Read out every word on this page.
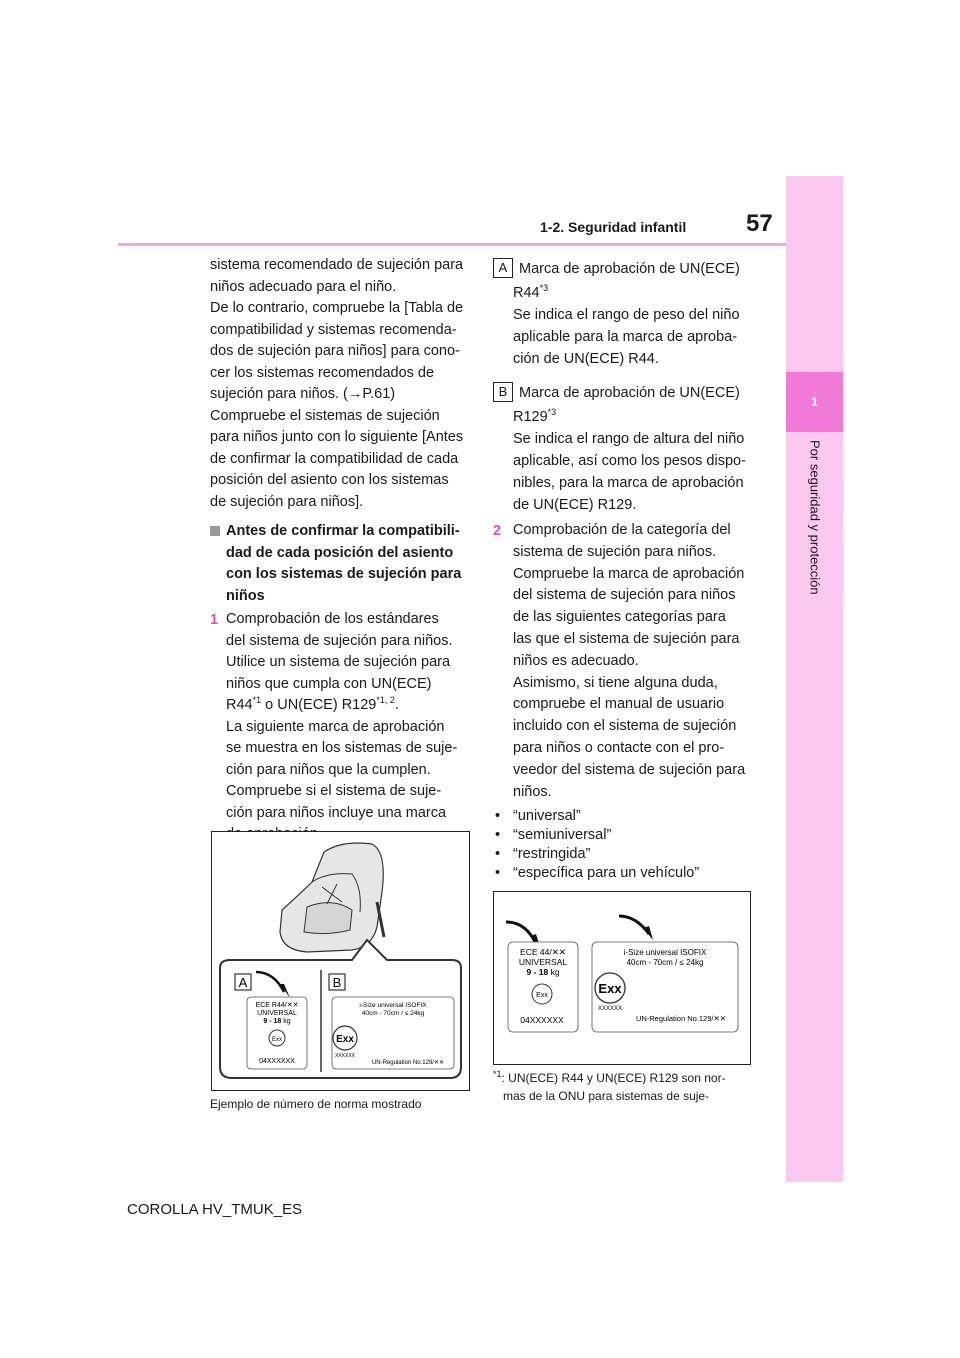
57
1-2. Seguridad infantil
1
Por seguridad y protección

sistema recomendado de sujeción para

niños adecuado para el niño.

De lo contrario, compruebe la [Tabla de

compatibilidad y sistemas recomenda-

dos de sujeción para niños] para cono-

cer los sistemas recomendados de

sujeción para niños. (→P.61)

Compruebe el sistemas de sujeción

para niños junto con lo siguiente [Antes

de confirmar la compatibilidad de cada

posición del asiento con los sistemas

de sujeción para niños].

Antes de confirmar la compatibili- dad de cada posición del asiento con los sistemas de sujeción para niños
1 Comprobación de los estándares

del sistema de sujeción para niños.

Utilice un sistema de sujeción para

niños que cumpla con UN(ECE)

R44$^{*1}$ o UN(ECE) R129$^{*1, 2}$.

La siguiente marca de aprobación

se muestra en los sistemas de suje-

ción para niños que la cumplen.

Compruebe si el sistema de suje-

ción para niños incluye una marca

A	B
ECE R44/✕✕
UNIVERSAL
9 - 18 kg
Exx
04XXXXXX
i-Size universal ISOFIX
40cm - 70cm / ≤ 24kg
Exx
XXXXXX
UN-Regulation No.129/✕✕
Ejemplo de número de norma mostrado
A Marca de aprobación de UN(ECE)

R44$^{*3}$

Se indica el rango de peso del niño

aplicable para la marca de aproba-

ción de UN(ECE) R44.

B Marca de aprobación de UN(ECE)

R129$^{*3}$

Se indica el rango de altura del niño

aplicable, así como los pesos dispo-

nibles, para la marca de aprobación

de UN(ECE) R129.

2 Comprobación de la categoría del

sistema de sujeción para niños.

Compruebe la marca de aprobación

del sistema de sujeción para niños

de las siguientes categorías para

las que el sistema de sujeción para

niños es adecuado.

Asimismo, si tiene alguna duda,

compruebe el manual de usuario

incluido con el sistema de sujeción

para niños o contacte con el pro-

veedor del sistema de sujeción para

niños.

• “universal”
• “semiuniversal”
• “restringida”
• “específica para un vehículo”
ECE 44/✕✕
UNIVERSAL
9 - 18 kg
Exx
04XXXXXX
i-Size universal ISOFIX
40cm - 70cm / ≤ 24kg
Exx
XXXXXX
UN-Regulation No.129/✕✕
$^{*1}$: UN(ECE) R44 y UN(ECE) R129 son nor-
mas de la ONU para sistemas de suje-
COROLLA HV_TMUK_ES
